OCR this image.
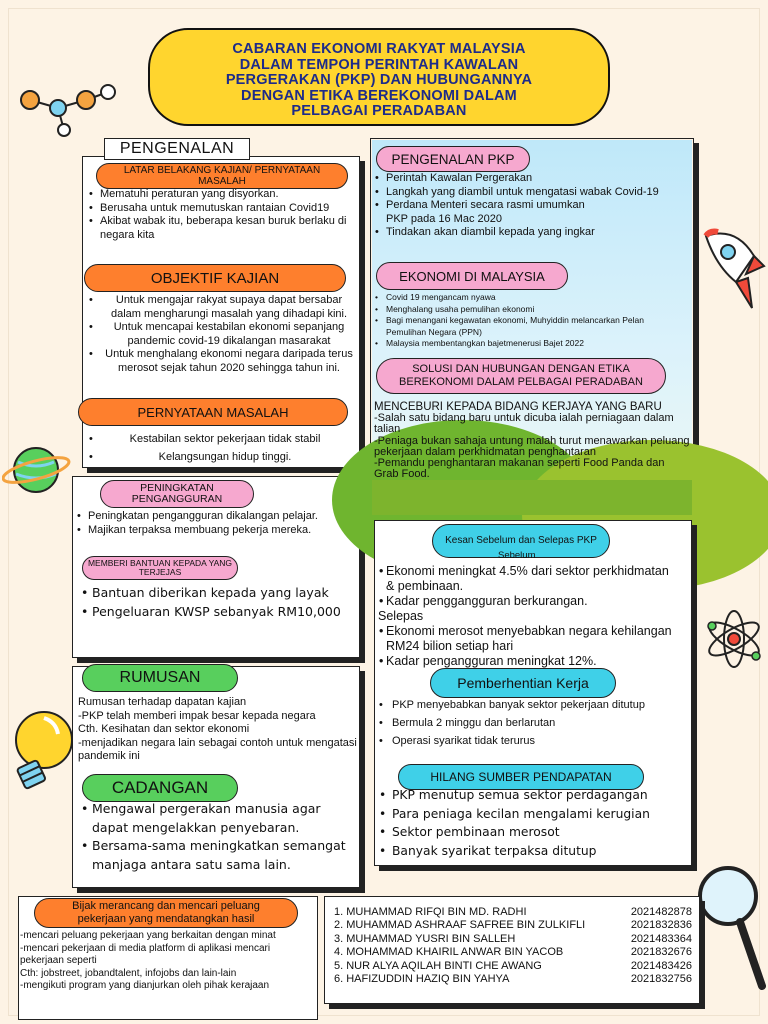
CABARAN EKONOMI RAKYAT MALAYSIA
DALAM TEMPOH PERINTAH KAWALAN
PERGERAKAN (PKP) DAN HUBUNGANNYA
DENGAN ETIKA BEREKONOMI DALAM
PELBAGAI PERADABAN
PENGENALAN
LATAR BELAKANG KAJIAN/ PERNYATAAN MASALAH
• Mematuhi peraturan yang disyorkan.
• Berusaha untuk memutuskan rantaian Covid19
• Akibat wabak itu, beberapa kesan buruk berlaku di negara kita
OBJEKTIF KAJIAN
• Untuk mengajar rakyat supaya dapat bersabar dalam mengharungi masalah yang dihadapi kini.
• Untuk mencapai kestabilan ekonomi sepanjang pandemic covid-19 dikalangan masarakat
• Untuk menghalang ekonomi negara daripada terus merosot sejak tahun 2020 sehingga tahun ini.
PERNYATAAN MASALAH
• Kestabilan sektor pekerjaan tidak stabil
• Kelangsungan hidup tinggi.
PENINGKATAN PENGANGGURAN
• Peningkatan pengangguran dikalangan pelajar.
• Majikan terpaksa membuang pekerja mereka.
MEMBERI BANTUAN KEPADA YANG TERJEJAS
• Bantuan diberikan kepada yang layak
• Pengeluaran KWSP sebanyak RM10,000
RUMUSAN
Rumusan terhadap dapatan kajian
-PKP telah memberi impak besar kepada negara
Cth. Kesihatan dan sektor ekonomi
-menjadikan negara lain sebagai contoh untuk mengatasi pandemik ini
CADANGAN
• Mengawal pergerakan manusia agar dapat mengelakkan penyebaran.
• Bersama-sama meningkatkan semangat manjaga antara satu sama lain.
PENGENALAN PKP
• Perintah Kawalan Pergerakan
• Langkah yang diambil untuk mengatasi wabak Covid-19
• Perdana Menteri secara rasmi umumkan PKP pada 16 Mac 2020
• Tindakan akan diambil kepada yang ingkar
EKONOMI DI MALAYSIA
• Covid 19 mengancam nyawa
• Menghalang usaha pemulihan ekonomi
• Bagi menangani kegawatan ekonomi, Muhyiddin melancarkan Pelan Pemulihan Negara (PPN)
• Malaysia membentangkan bajetmenerusi Bajet 2022
SOLUSI DAN HUBUNGAN DENGAN ETIKA BEREKONOMI DALAM PELBAGAI PERADABAN
MENCEBURI KEPADA BIDANG KERJAYA YANG BARU
-Salah satu bidang baru untuk dicuba ialah perniagaan dalam talian
-Peniaga bukan sahaja untung malah turut menawarkan peluang pekerjaan dalam perkhidmatan penghantaran
-Pemandu penghantaran makanan seperti Food Panda dan Grab Food.
Kesan Sebelum dan Selepas PKP
Sebelum
• Ekonomi meningkat 4.5% dari sektor perkhidmatan & pembinaan.
• Kadar penggangguran berkurangan.
Selepas
• Ekonomi merosot menyebabkan negara kehilangan RM24 bilion setiap hari
• Kadar pengangguran meningkat 12%.
Pemberhentian Kerja
• PKP menyebabkan banyak sektor pekerjaan ditutup
• Bermula 2 minggu dan berlarutan
• Operasi syarikat tidak terurus
HILANG SUMBER PENDAPATAN
• PKP menutup semua sektor perdagangan
• Para peniaga kecilan mengalami kerugian
• Sektor pembinaan merosot
• Banyak syarikat terpaksa ditutup
Bijak merancang dan mencari peluang pekerjaan yang mendatangkan hasil
-mencari peluang pekerjaan yang berkaitan dengan minat
-mencari pekerjaan di media platform di aplikasi mencari pekerjaan seperti
Cth: jobstreet, jobandtalent, infojobs dan lain-lain
-mengikuti program yang dianjurkan oleh pihak kerajaan
1. MUHAMMAD RIFQI BIN MD. RADHI	2021482878
2. MUHAMMAD ASHRAAF SAFREE BIN ZULKIFLI	2021832836
3. MUHAMMAD YUSRI BIN SALLEH	2021483364
4. MOHAMMAD KHAIRIL ANWAR BIN YACOB	2021832676
5. NUR ALYA AQILAH BINTI CHE AWANG	2021483426
6. HAFIZUDDIN HAZIQ BIN YAHYA	2021832756
